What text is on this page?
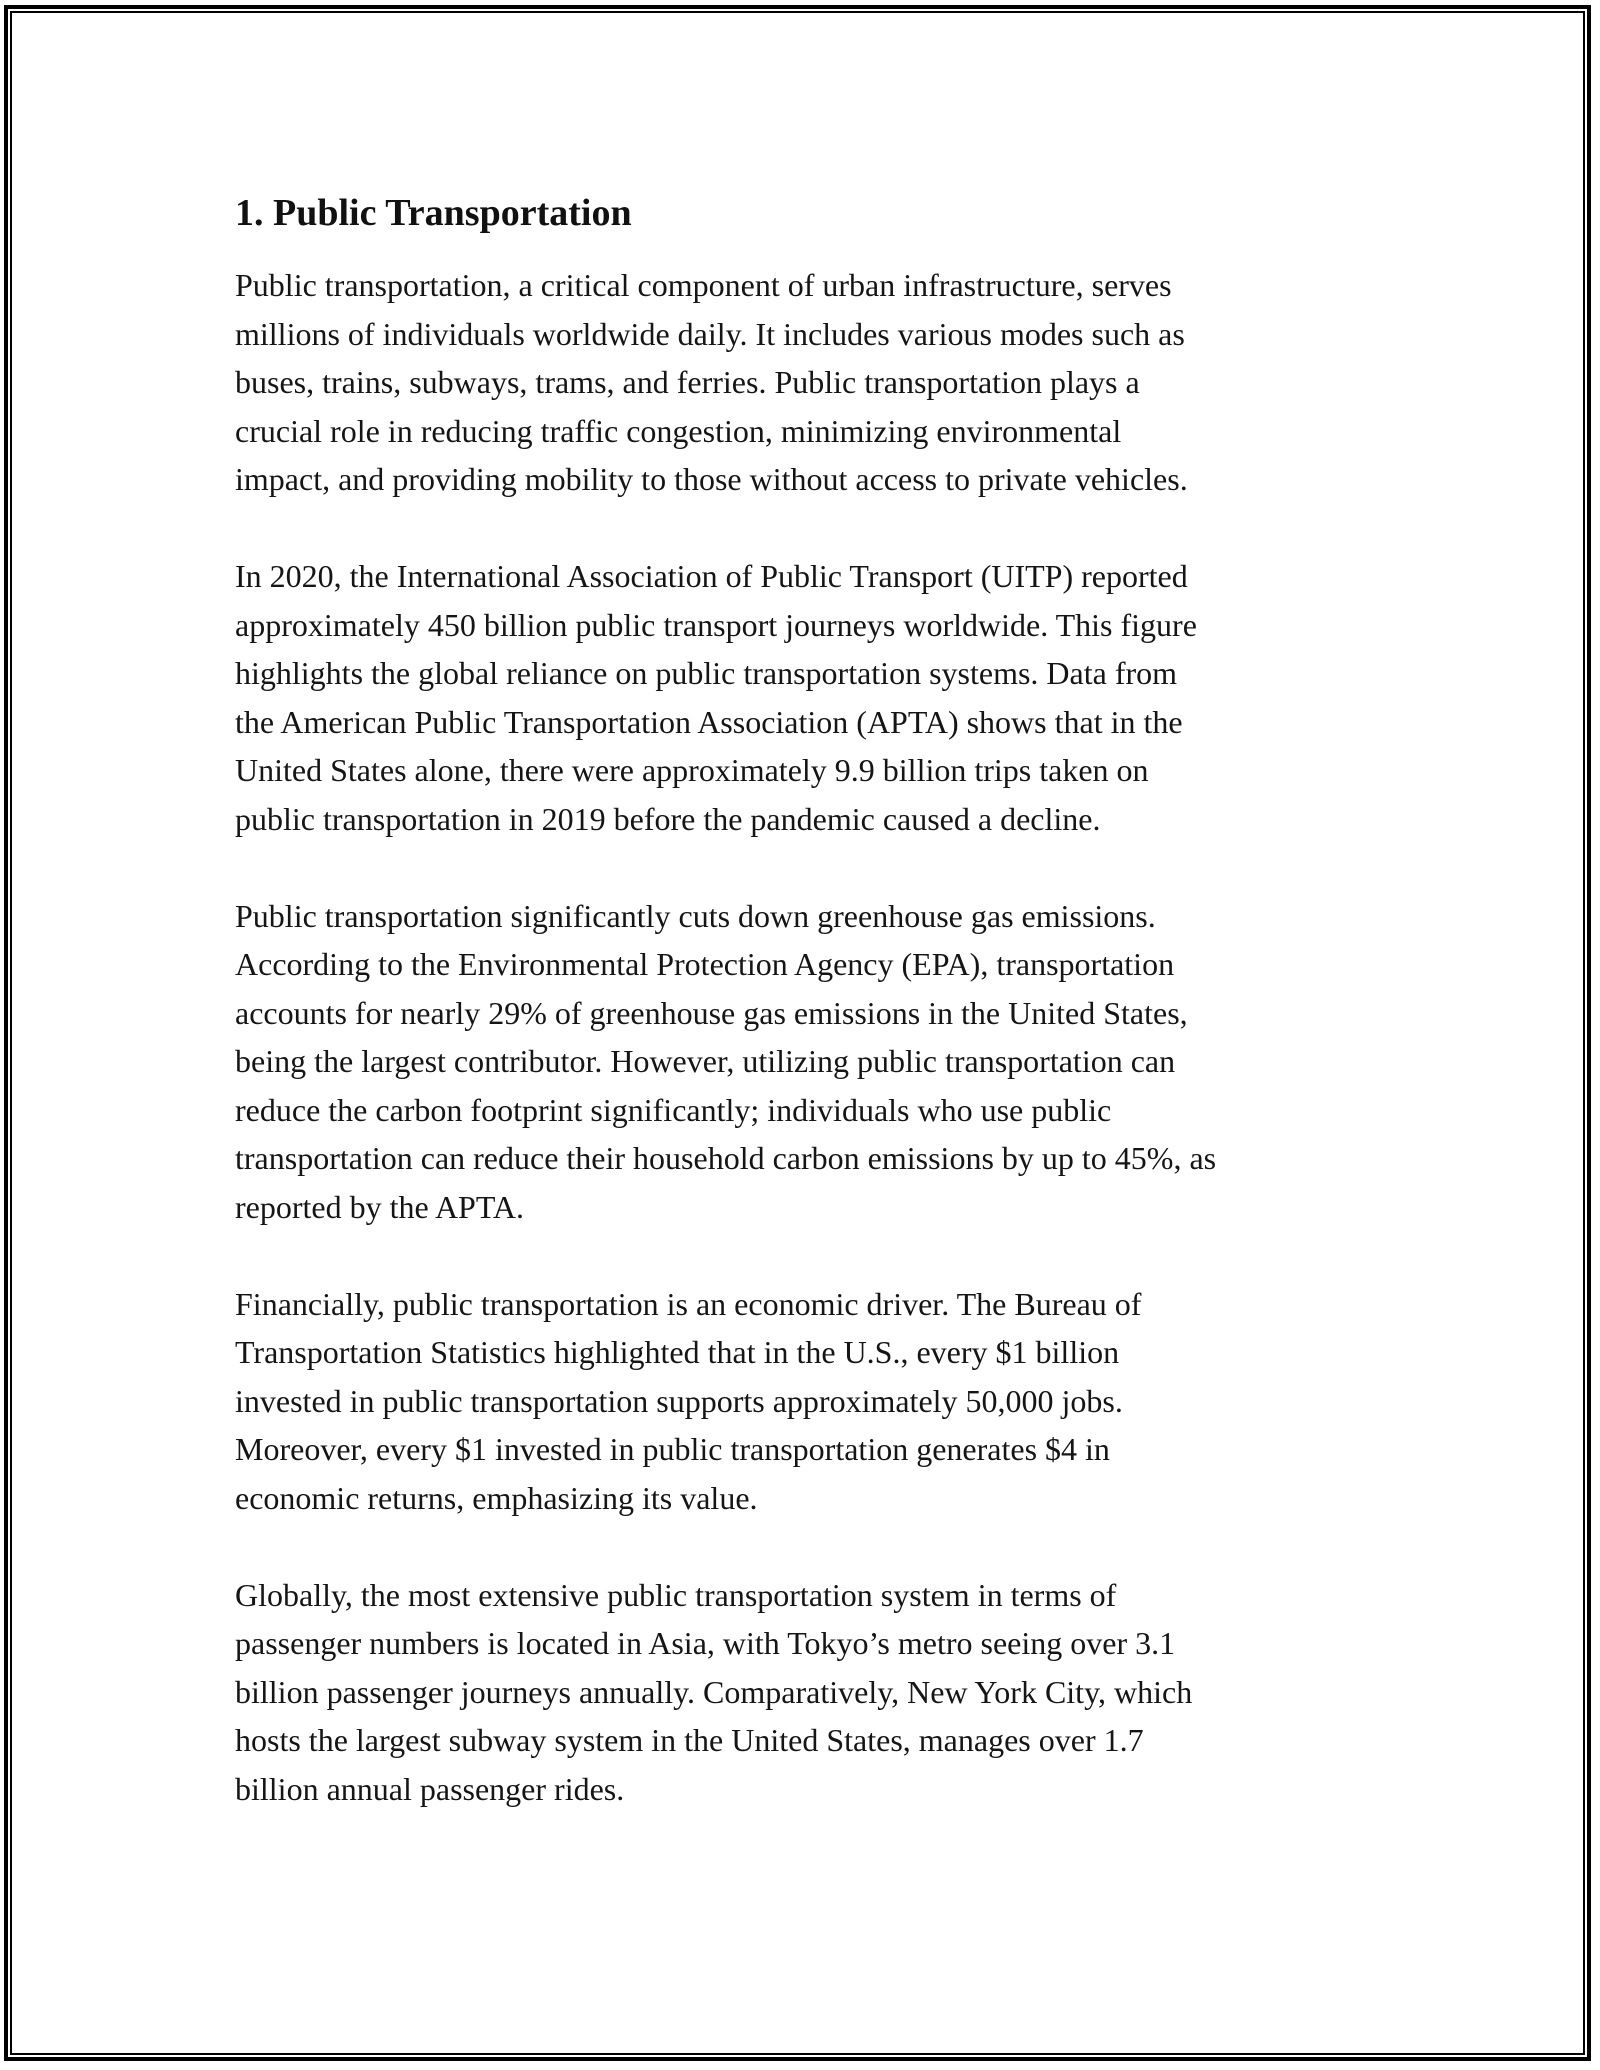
1. Public Transportation

Public transportation, a critical component of urban infrastructure, serves
millions of individuals worldwide daily. It includes various modes such as
buses, trains, subways, trams, and ferries. Public transportation plays a
crucial role in reducing traffic congestion, minimizing environmental
impact, and providing mobility to those without access to private vehicles.

In 2020, the International Association of Public Transport (UITP) reported
approximately 450 billion public transport journeys worldwide. This figure
highlights the global reliance on public transportation systems. Data from
the American Public Transportation Association (APTA) shows that in the
United States alone, there were approximately 9.9 billion trips taken on
public transportation in 2019 before the pandemic caused a decline.

Public transportation significantly cuts down greenhouse gas emissions.
According to the Environmental Protection Agency (EPA), transportation
accounts for nearly 29% of greenhouse gas emissions in the United States,
being the largest contributor. However, utilizing public transportation can
reduce the carbon footprint significantly; individuals who use public
transportation can reduce their household carbon emissions by up to 45%, as
reported by the APTA.

Financially, public transportation is an economic driver. The Bureau of
Transportation Statistics highlighted that in the U.S., every $1 billion
invested in public transportation supports approximately 50,000 jobs.
Moreover, every $1 invested in public transportation generates $4 in
economic returns, emphasizing its value.

Globally, the most extensive public transportation system in terms of
passenger numbers is located in Asia, with Tokyo’s metro seeing over 3.1
billion passenger journeys annually. Comparatively, New York City, which
hosts the largest subway system in the United States, manages over 1.7
billion annual passenger rides.
